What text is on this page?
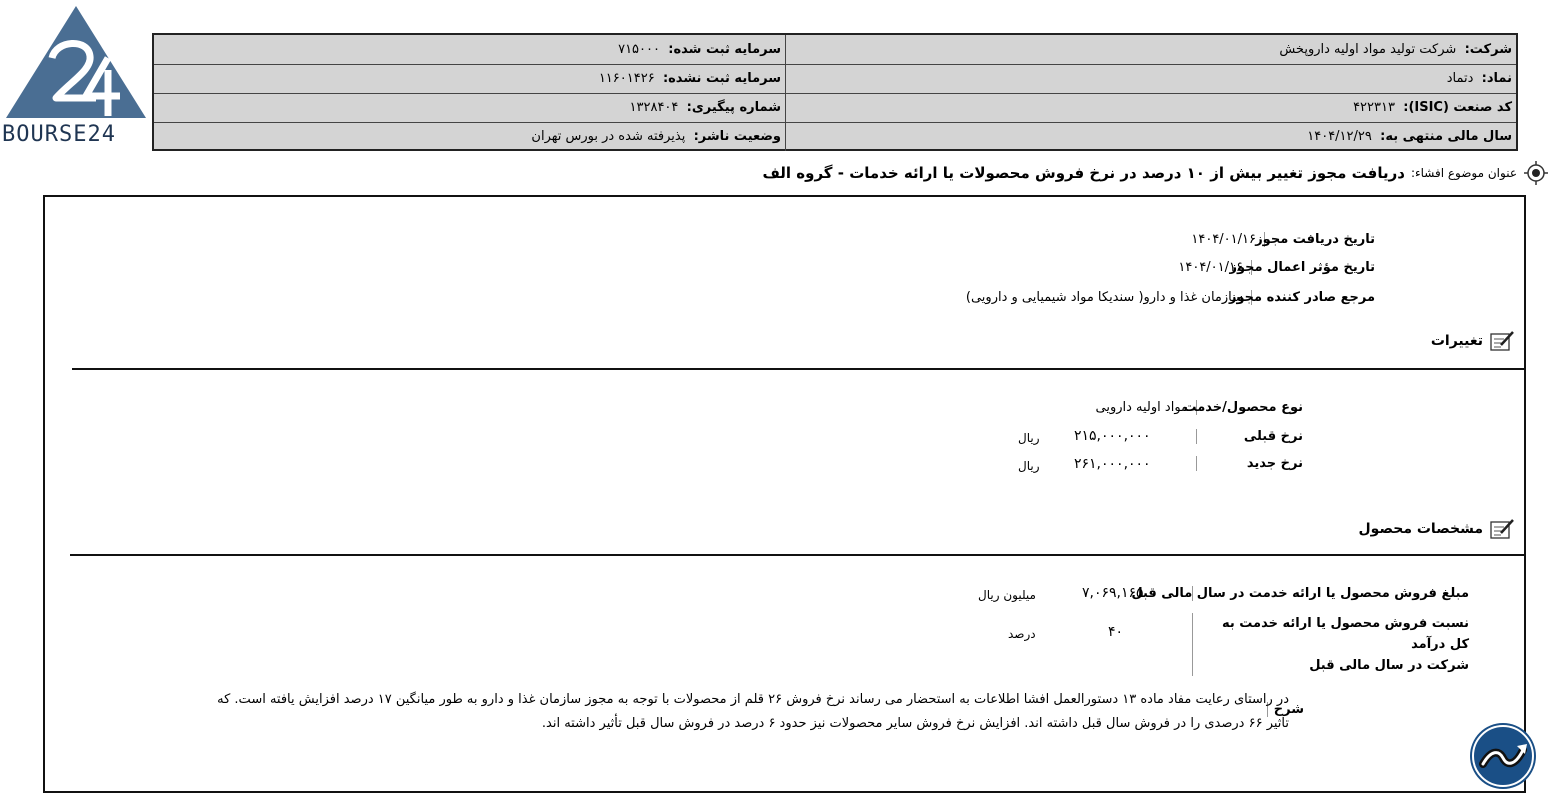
BOURSE24
شرکت:  شرکت تولید مواد اولیه داروپخش
سرمایه ثبت شده:  ۷۱۵۰۰۰
نماد:  دتماد
سرمایه ثبت نشده:  ۱۱۶۰۱۴۲۶
کد صنعت (ISIC):  ۴۲۲۳۱۳
شماره پیگیری:  ۱۳۲۸۴۰۴
سال مالی منتهی به:  ۱۴۰۴/۱۲/۲۹
وضعیت ناشر:  پذیرفته شده در بورس تهران
عنوان موضوع افشاء:
دریافت مجوز تغییر بیش از ۱۰ درصد در نرخ فروش محصولات یا ارائه خدمات - گروه الف
تاریخ دریافت مجوز۱۴۰۴/۰۱/۱۶
تاریخ مؤثر اعمال مجوز۱۴۰۴/۰۱/۱۶
مرجع صادر کننده مجوزسازمان غذا و دارو( سندیکا مواد شیمیایی و دارویی)
تغییرات
نوع محصول/خدمتمواد اولیه دارویی
نرخ قبلی
۲۱۵,۰۰۰,۰۰۰
ریال
نرخ جدید
۲۶۱,۰۰۰,۰۰۰
ریال
مشخصات محصول
مبلغ فروش محصول یا ارائه خدمت در سال مالی قبل
۷,۰۶۹,۱۶۵
میلیون ریال
نسبت فروش محصول یا ارائه خدمت به کل درآمد
شرکت در سال مالی قبل
۴۰
درصد
شرح
در راستای رعایت مفاد ماده ۱۳ دستورالعمل افشا اطلاعات به استحضار می رساند نرخ فروش ۲۶ قلم از محصولات با توجه به مجوز سازمان غذا و دارو به طور میانگین ۱۷ درصد افزایش یافته است. که
تاثیر ۶۶ درصدی را در فروش سال قبل داشته اند. افزایش نرخ فروش سایر محصولات نیز حدود ۶ درصد در فروش سال قبل تأثیر داشته اند.
